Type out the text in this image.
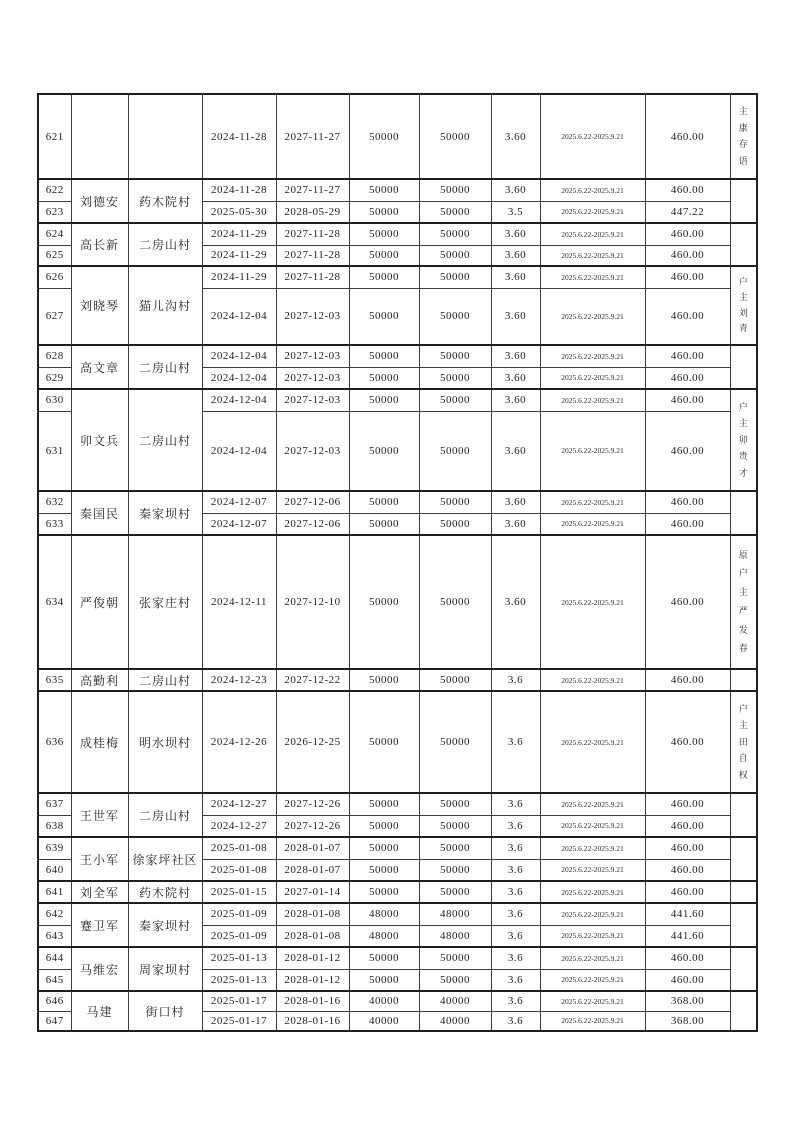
621			2024-11-28	2027-11-27	50000	50000	3.60	2025.6.22-2025.9.21	460.00	主
康
存
语

622	刘德安	药木院村	2024-11-28	2027-11-27	50000	50000	3.60	2025.6.22-2025.9.21	460.00	

623			2025-05-30	2028-05-29	50000	50000	3.5	2025.6.22-2025.9.21	447.22	
624	高长新	二房山村	2024-11-29	2027-11-28	50000	50000	3.60	2025.6.22-2025.9.21	460.00	

625			2024-11-29	2027-11-28	50000	50000	3.60	2025.6.22-2025.9.21	460.00	
626	刘晓琴	猫儿沟村	2024-11-29	2027-11-28	50000	50000	3.60	2025.6.22-2025.9.21	460.00	户
主
刘
青

627			2024-12-04	2027-12-03	50000	50000	3.60	2025.6.22-2025.9.21	460.00	
628	高文章	二房山村	2024-12-04	2027-12-03	50000	50000	3.60	2025.6.22-2025.9.21	460.00	

629			2024-12-04	2027-12-03	50000	50000	3.60	2025.6.22-2025.9.21	460.00	
630	卯文兵	二房山村	2024-12-04	2027-12-03	50000	50000	3.60	2025.6.22-2025.9.21	460.00	户
主
卯
贵
才

631			2024-12-04	2027-12-03	50000	50000	3.60	2025.6.22-2025.9.21	460.00	
632	秦国民	秦家坝村	2024-12-07	2027-12-06	50000	50000	3.60	2025.6.22-2025.9.21	460.00	

633			2024-12-07	2027-12-06	50000	50000	3.60	2025.6.22-2025.9.21	460.00	
634	严俊朝	张家庄村	2024-12-11	2027-12-10	50000	50000	3.60	2025.6.22-2025.9.21	460.00	
原
户
主
严
发
春

635	高勤利	二房山村	2024-12-23	2027-12-22	50000	50000	3.6	2025.6.22-2025.9.21	460.00	

636	成桂梅	明水坝村	2024-12-26	2026-12-25	50000	50000	3.6	2025.6.22-2025.9.21	460.00	户
主
田
自
权

637	王世军	二房山村	2024-12-27	2027-12-26	50000	50000	3.6	2025.6.22-2025.9.21	460.00	

638			2024-12-27	2027-12-26	50000	50000	3.6	2025.6.22-2025.9.21	460.00	
639	王小军	徐家坪社区	2025-01-08	2028-01-07	50000	50000	3.6	2025.6.22-2025.9.21	460.00	

640			2025-01-08	2028-01-07	50000	50000	3.6	2025.6.22-2025.9.21	460.00	
641	刘全军	药木院村	2025-01-15	2027-01-14	50000	50000	3.6	2025.6.22-2025.9.21	460.00	

642	蹇卫军	秦家坝村	2025-01-09	2028-01-08	48000	48000	3.6	2025.6.22-2025.9.21	441.60	

643			2025-01-09	2028-01-08	48000	48000	3.6	2025.6.22-2025.9.21	441.60	
644	马维宏	周家坝村	2025-01-13	2028-01-12	50000	50000	3.6	2025.6.22-2025.9.21	460.00	

645			2025-01-13	2028-01-12	50000	50000	3.6	2025.6.22-2025.9.21	460.00	
646	马建	街口村	2025-01-17	2028-01-16	40000	40000	3.6	2025.6.22-2025.9.21	368.00	

647			2025-01-17	2028-01-16	40000	40000	3.6	2025.6.22-2025.9.21	368.00	
